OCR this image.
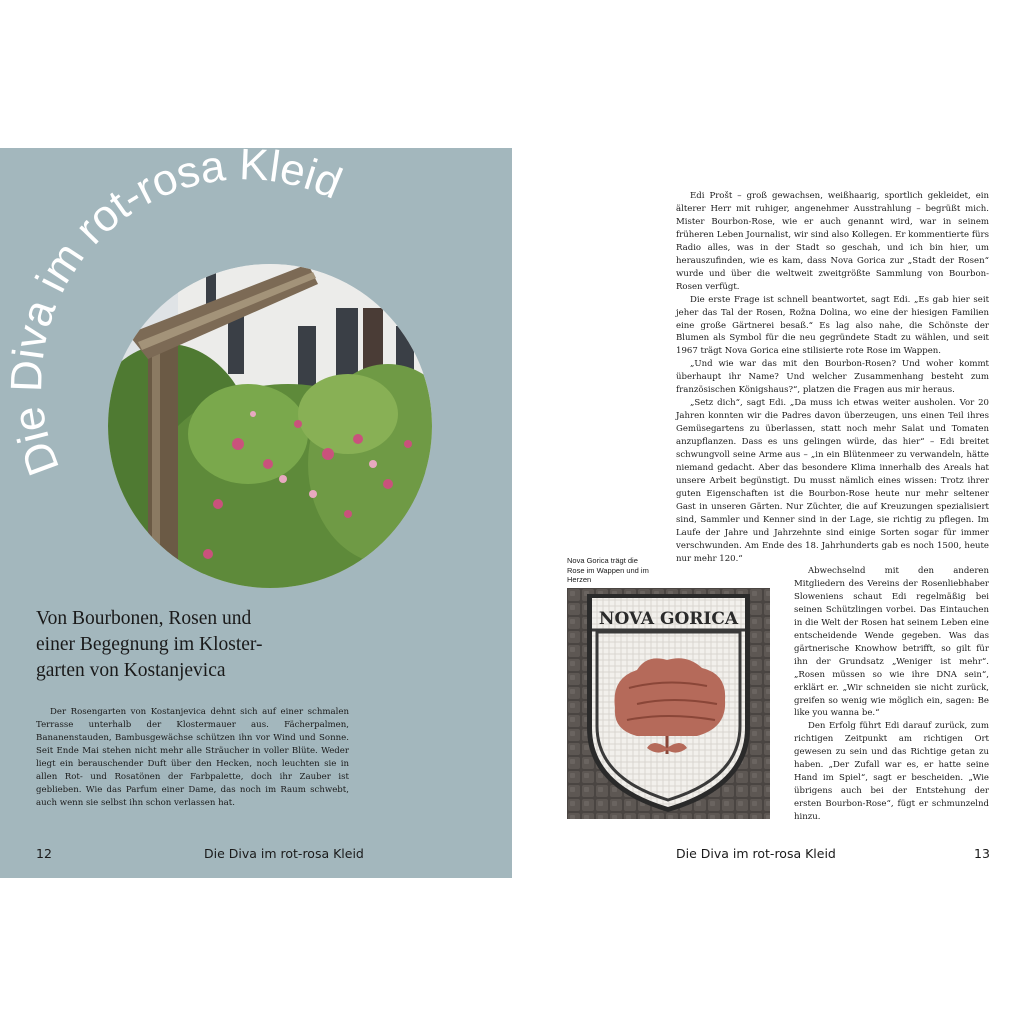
Die Diva im rot-rosa Kleid
Von Bourbonen, Rosen und
einer Begegnung im Kloster-
garten von Kostanjevica

Der Rosengarten von Kostanjevica dehnt sich auf einer schmalen Terrasse unterhalb der Klostermauer aus. Fächerpalmen, Bananenstauden, Bambusgewächse schützen ihn vor Wind und Sonne. Seit Ende Mai stehen nicht mehr alle Sträucher in voller Blüte. Weder liegt ein berauschender Duft über den Hecken, noch leuchten sie in allen Rot- und Rosatönen der Farbpalette, doch ihr Zauber ist geblieben. Wie das Parfum einer Dame, das noch im Raum schwebt, auch wenn sie selbst ihn schon verlassen hat.

12	Die Diva im rot-rosa Kleid

Edi Prošt – groß gewachsen, weißhaarig, sportlich gekleidet, ein älterer Herr mit ruhiger, angenehmer Ausstrahlung – begrüßt mich. Mister Bourbon-Rose, wie er auch genannt wird, war in seinem früheren Leben Journalist, wir sind also Kollegen. Er kommentierte fürs Radio alles, was in der Stadt so geschah, und ich bin hier, um herauszufinden, wie es kam, dass Nova Gorica zur „Stadt der Rosen“ wurde und über die weltweit zweitgrößte Sammlung von Bourbon-Rosen verfügt.

Die erste Frage ist schnell beantwortet, sagt Edi. „Es gab hier seit jeher das Tal der Rosen, Rožna Dolina, wo eine der hiesigen Familien eine große Gärtnerei besaß.“ Es lag also nahe, die Schönste der Blumen als Symbol für die neu gegründete Stadt zu wählen, und seit 1967 trägt Nova Gorica eine stilisierte rote Rose im Wappen.

„Und wie war das mit den Bourbon-Rosen? Und woher kommt überhaupt ihr Name? Und welcher Zusammenhang besteht zum französischen Königshaus?“, platzen die Fragen aus mir heraus.

„Setz dich“, sagt Edi. „Da muss ich etwas weiter ausholen. Vor 20 Jahren konnten wir die Padres davon überzeugen, uns einen Teil ihres Gemüsegartens zu überlassen, statt noch mehr Salat und Tomaten anzupflanzen. Dass es uns gelingen würde, das hier“ – Edi breitet schwungvoll seine Arme aus – „in ein Blütenmeer zu verwandeln, hätte niemand gedacht. Aber das besondere Klima innerhalb des Areals hat unsere Arbeit begünstigt. Du musst nämlich eines wissen: Trotz ihrer guten Eigenschaften ist die Bourbon-Rose heute nur mehr seltener Gast in unseren Gärten. Nur Züchter, die auf Kreuzungen spezialisiert sind, Sammler und Kenner sind in der Lage, sie richtig zu pflegen. Im Laufe der Jahre und Jahrzehnte sind einige Sorten sogar für immer verschwunden. Am Ende des 18. Jahrhunderts gab es noch 1500, heute nur mehr 120.“

Nova Gorica trägt die Rose im Wappen und im Herzen
NOVA GORICA

Abwechselnd mit den anderen Mitgliedern des Vereins der Rosenliebhaber Sloweniens schaut Edi regelmäßig bei seinen Schützlingen vorbei. Das Eintauchen in die Welt der Rosen hat seinem Leben eine entscheidende Wende gegeben. Was das gärtnerische Knowhow betrifft, so gilt für ihn der Grundsatz „Weniger ist mehr“. „Rosen müssen so wie ihre DNA sein“, erklärt er. „Wir schneiden sie nicht zurück, greifen so wenig wie möglich ein, sagen: Be like you wanna be.“

Den Erfolg führt Edi darauf zurück, zum richtigen Zeitpunkt am richtigen Ort gewesen zu sein und das Richtige getan zu haben. „Der Zufall war es, er hatte seine Hand im Spiel“, sagt er bescheiden. „Wie übrigens auch bei der Entstehung der ersten Bourbon-Rose“, fügt er schmunzelnd hinzu.

Die Diva im rot-rosa Kleid	13
